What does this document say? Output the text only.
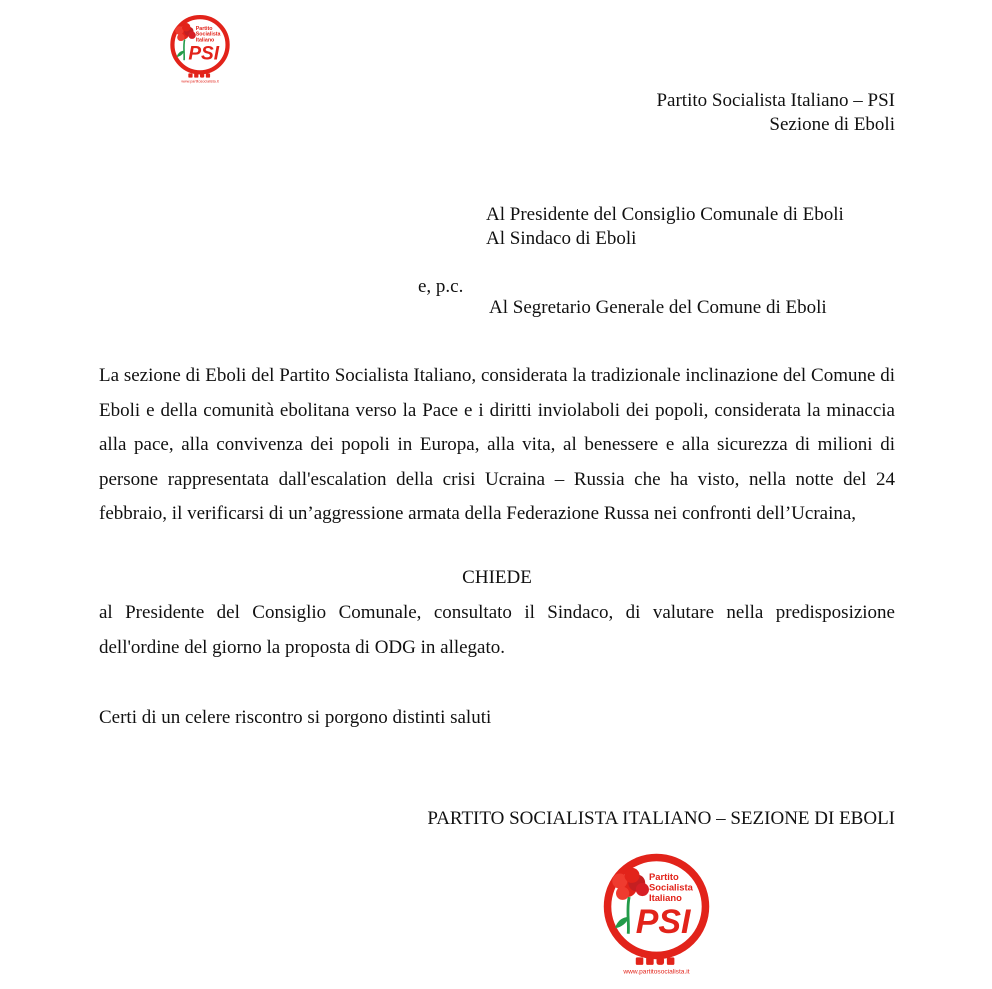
Partito
Socialista
Italiano
PSI
www.partitosocialista.it
Partito Socialista Italiano – PSI
Sezione di Eboli
Al Presidente del Consiglio Comunale di Eboli
Al Sindaco di Eboli
e, p.c.
Al Segretario Generale del Comune di Eboli
La sezione di Eboli del Partito Socialista Italiano, considerata la tradizionale inclinazione del Comune di Eboli e della comunità ebolitana verso la Pace e i diritti inviolaboli dei popoli, considerata la minaccia alla pace, alla convivenza dei popoli in Europa, alla vita, al benessere e alla sicurezza di milioni di persone rappresentata dall'escalation della crisi Ucraina – Russia che ha visto, nella notte del 24 febbraio, il verificarsi di un’aggressione armata della Federazione Russa nei confronti dell’Ucraina,
CHIEDE
al Presidente del Consiglio Comunale, consultato il Sindaco, di valutare nella predisposizione dell'ordine del giorno la proposta di ODG in allegato.
Certi di un celere riscontro si porgono distinti saluti
PARTITO SOCIALISTA ITALIANO – SEZIONE DI EBOLI
Partito
Socialista
Italiano
PSI
www.partitosocialista.it
